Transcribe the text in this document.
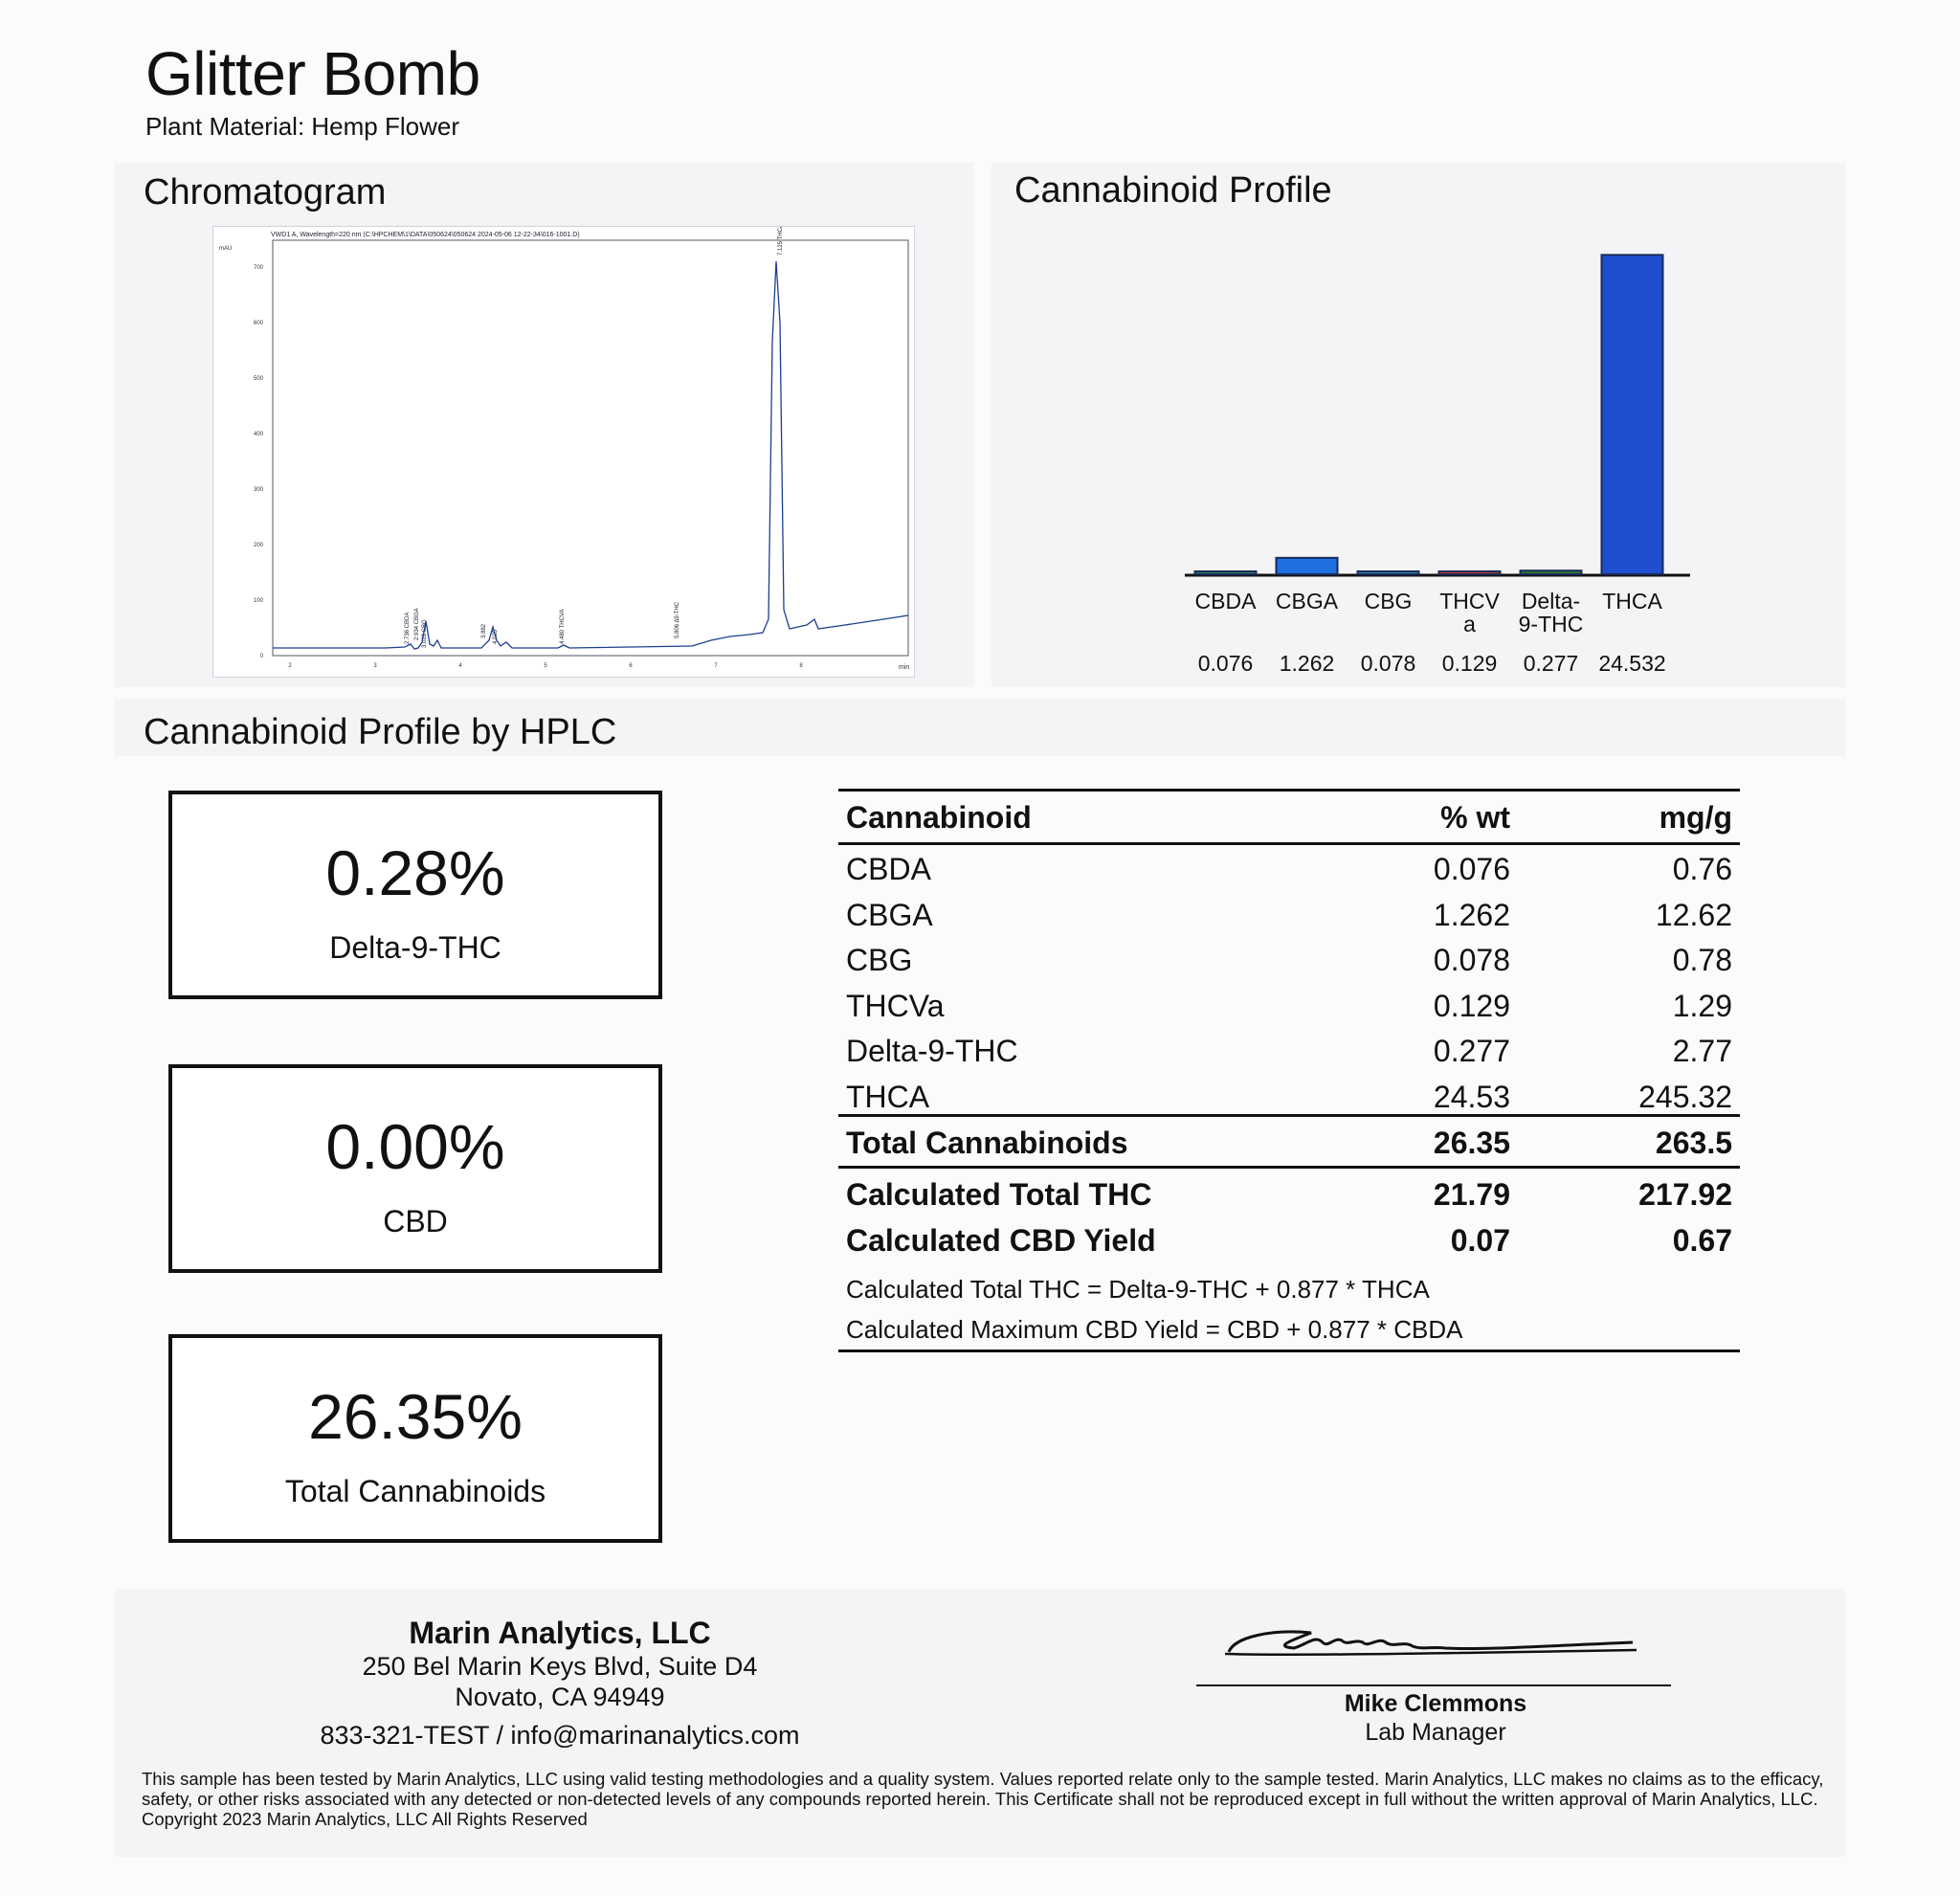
Glitter Bomb
Plant Material: Hemp Flower
Chromatogram
VWD1 A, Wavelength=220 nm (C:\HPCHEM\1\DATA\050624\050624 2024-05-06 12-22-34\016-1001.D)
mAU
min
700
600
500
400
300
200
100
0
2	3	4	5	6	7	8
2.736 CBDA 2.934 CBGA 3.028 CBG	3.882 4.025	4.480 THCVA	5.806 Δ9-THC
7.125 THCA
Cannabinoid Profile
CBDA
0.076
CBGA
1.262
CBG
0.078
THCV
a
0.129
Delta-
9-THC
0.277
THCA
24.532
Cannabinoid Profile by HPLC
0.28%
Delta-9-THC
0.00%
CBD
26.35%
Total Cannabinoids
Cannabinoid	% wt	mg/g
CBDA	0.076	0.76
CBGA	1.262	12.62
CBG	0.078	0.78
THCVa	0.129	1.29
Delta-9-THC	0.277	2.77
THCA	24.53	245.32
Total Cannabinoids	26.35	263.5
Calculated Total THC	21.79	217.92
Calculated CBD Yield	0.07	0.67
Calculated Total THC = Delta-9-THC + 0.877 * THCA
Calculated Maximum CBD Yield = CBD + 0.877 * CBDA
Marin Analytics, LLC
250 Bel Marin Keys Blvd, Suite D4
Novato, CA 94949
833-321-TEST / info@marinanalytics.com
Mike Clemmons
Lab Manager
This sample has been tested by Marin Analytics, LLC using valid testing methodologies and a quality system. Values reported relate only to the sample tested. Marin Analytics, LLC makes no claims as to the efficacy, safety, or other risks associated with any detected or non-detected levels of any compounds reported herein. This Certificate shall not be reproduced except in full without the written approval of Marin Analytics, LLC. Copyright 2023 Marin Analytics, LLC All Rights Reserved
